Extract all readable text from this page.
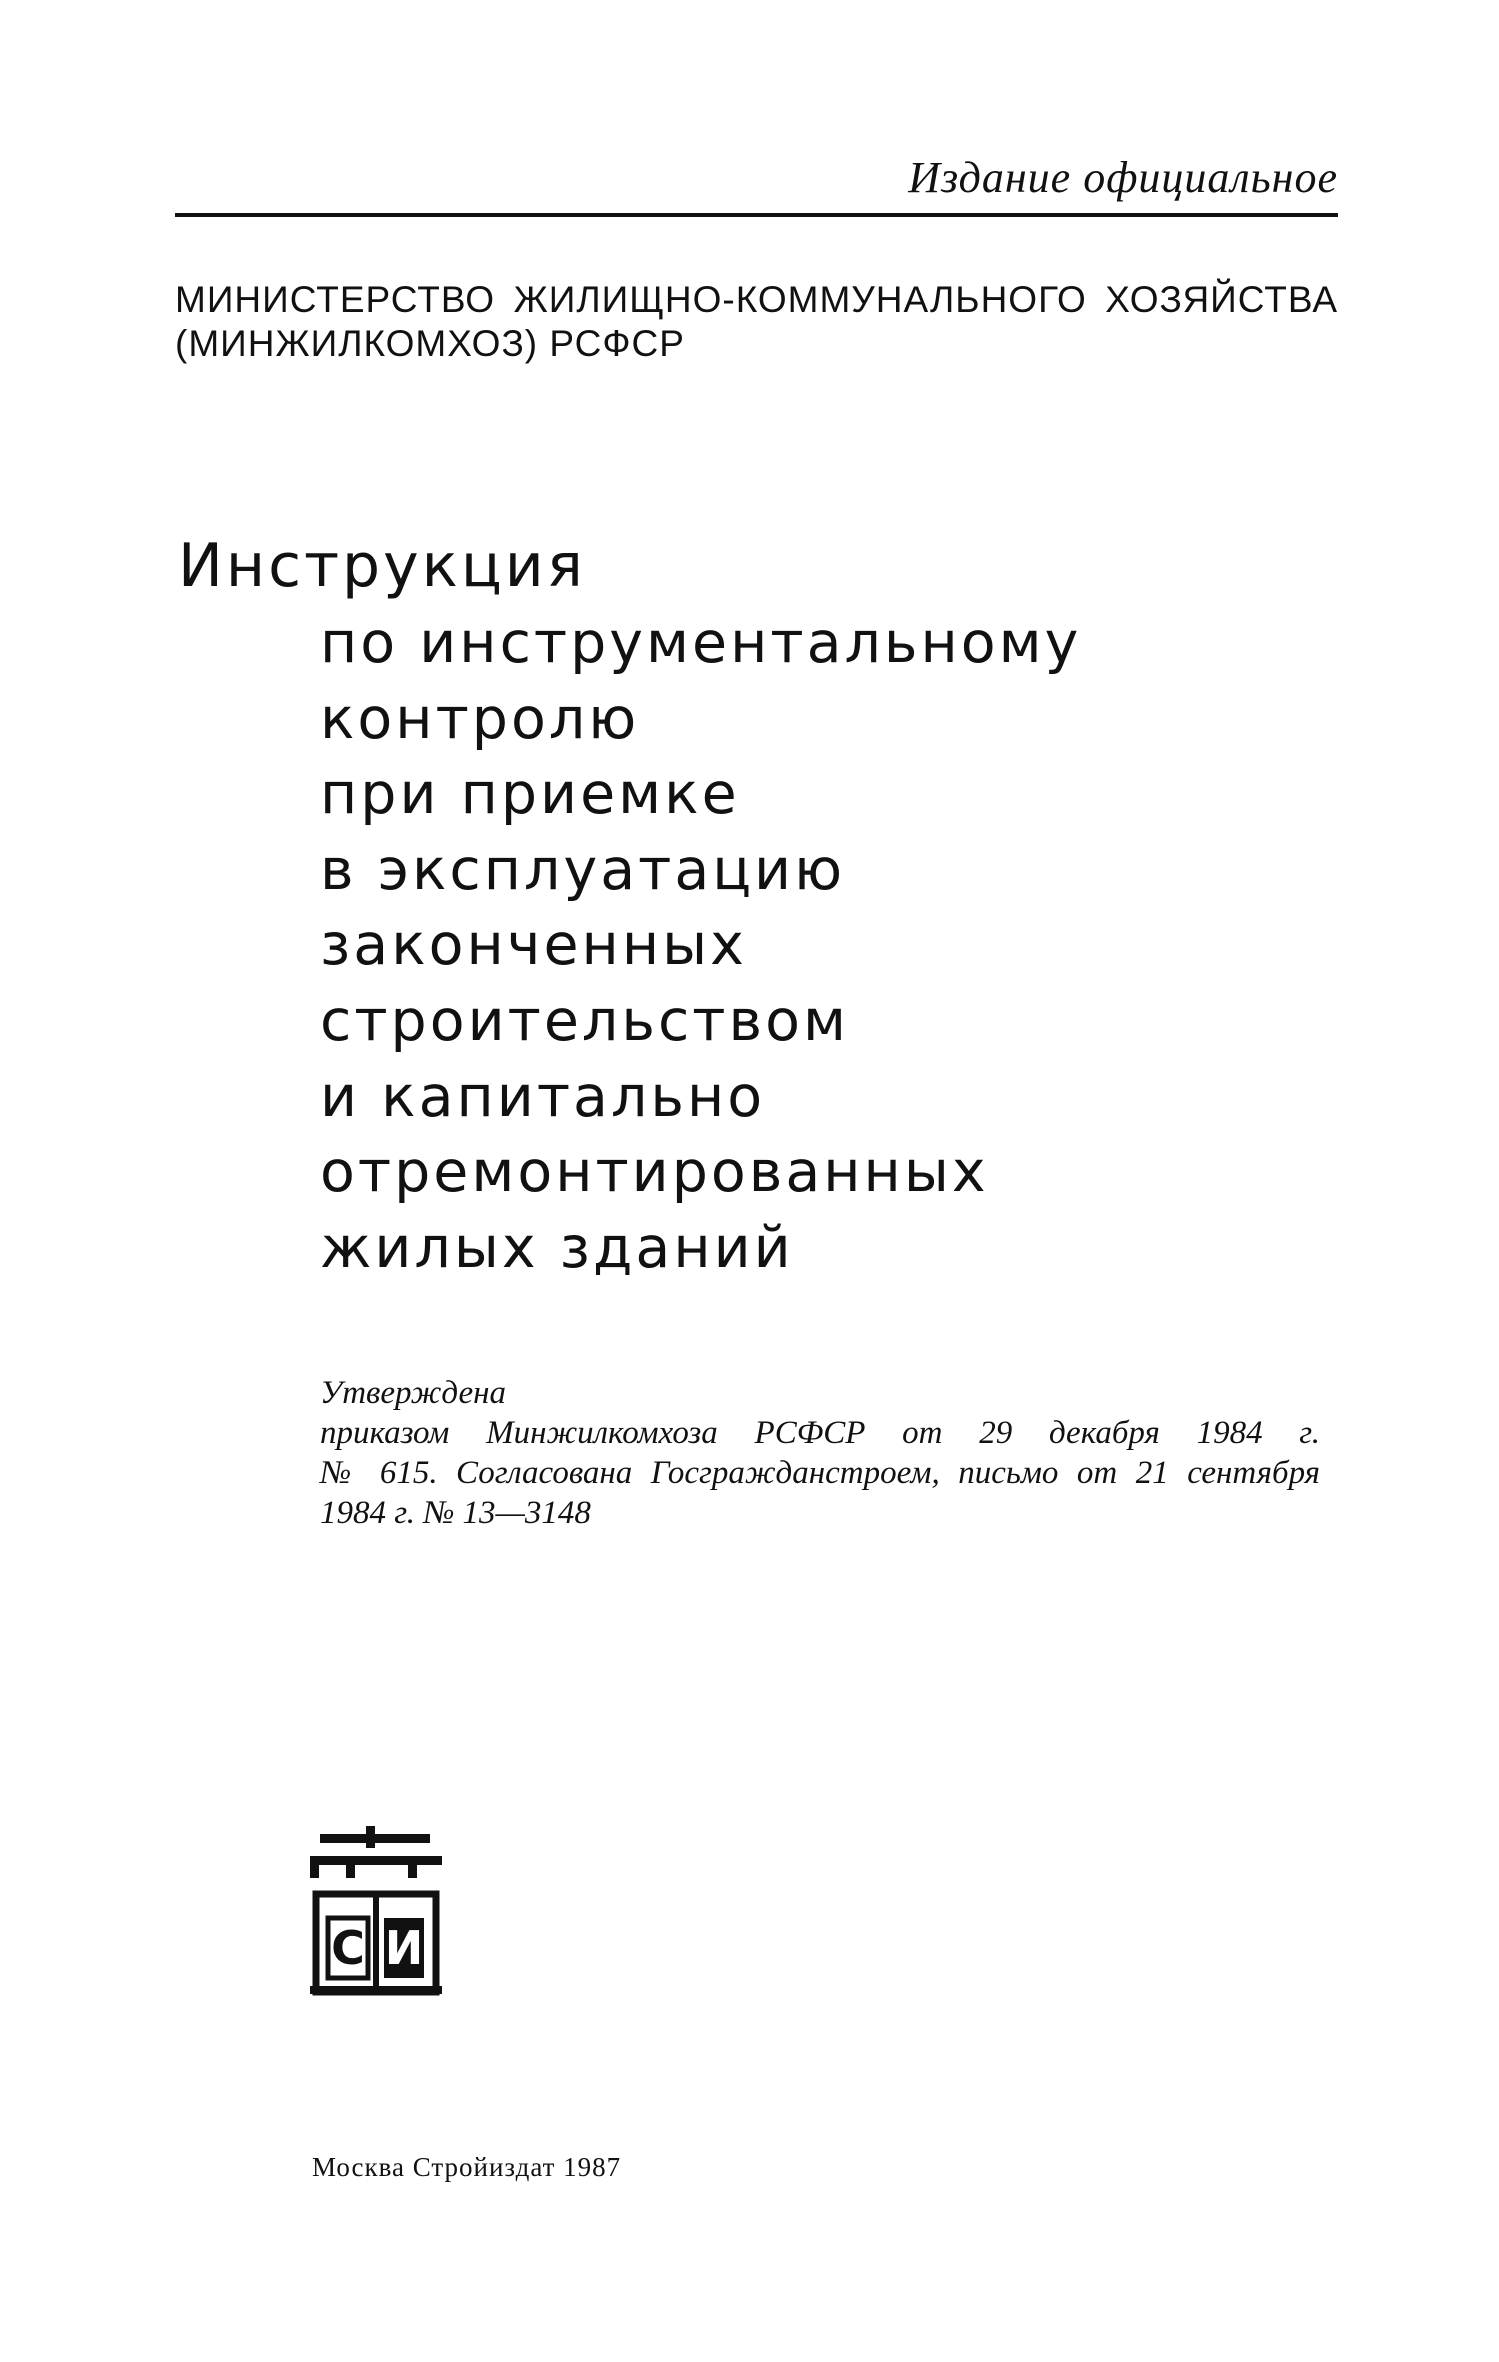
Издание официальное
МИНИСТЕРСТВО ЖИЛИЩНО-КОММУНАЛЬНОГО ХОЗЯЙСТВА
(МИНЖИЛКОМХОЗ) РСФСР
Инструкция
по инструментальному
контролю
при приемке
в эксплуатацию
законченных
строительством
и капитально
отремонтированных
жилых зданий
Утверждена
приказом Минжилкомхоза РСФСР от 29 декабря 1984 г.
№ 615. Согласована Госгражданстроем, письмо от 21 сентября
1984 г. № 13—3148
С И
Москва Стройиздат 1987
